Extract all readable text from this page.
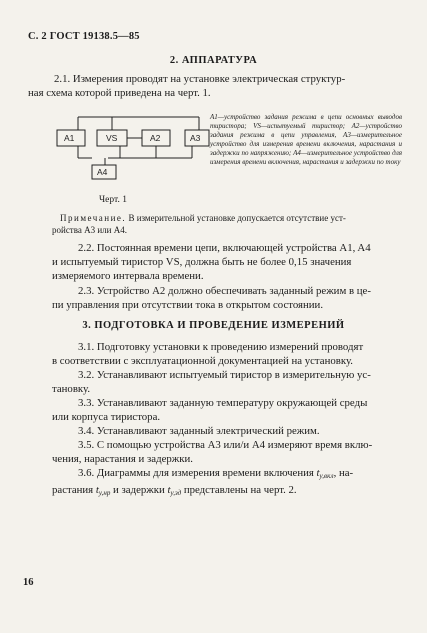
С. 2 ГОСТ 19138.5—85
2. АППАРАТУРА

2.1. Измерения проводят на установке электрическая структур-

ная схема которой приведена на черт. 1.

A1	VS	A2	A3
A4
A1—устройство задания режима в цепи основных выводов тиристора; VS—испытуемый тиристор; A2—устройство задания режима в цепи управления, A3—измерительное устройство для измерения времени включения, нарастания и задержки по напряжению; A4—измерительное устройство для измерения времени включения, нарастания и задержки по току
Черт. 1
Примечание. В измерительной установке допускается отсутствие уст-
ройства A3 или A4.

2.2. Постоянная времени цепи, включающей устройства A1, A4

и испытуемый тиристор VS, должна быть не более 0,15 значения

измеряемого интервала времени.

2.3. Устройство A2 должно обеспечивать заданный режим в це-

пи управления при отсутствии тока в открытом состоянии.

3. ПОДГОТОВКА И ПРОВЕДЕНИЕ ИЗМЕРЕНИЙ

3.1. Подготовку установки к проведению измерений проводят

в соответствии с эксплуатационной документацией на установку.

3.2. Устанавливают испытуемый тиристор в измерительную ус-

тановку.

3.3. Устанавливают заданную температуру окружающей среды

или корпуса тиристора.

3.4. Устанавливают заданный электрический режим.

3.5. С помощью устройства A3 или/и A4 измеряют время вклю-

чения, нарастания и задержки.

3.6. Диаграммы для измерения времени включения $t_{у,вкл}$, на-

растания $t_{у,нр}$ и задержки $t_{у,зд}$ представлены на черт. 2.

16
